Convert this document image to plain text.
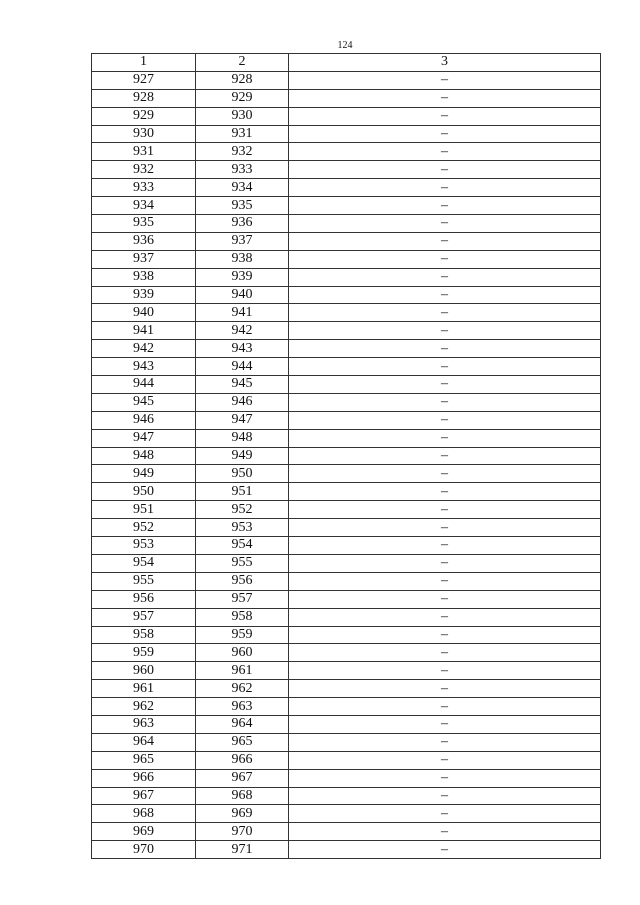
124
1	2	3
927	928	–
928	929	–
929	930	–
930	931	–
931	932	–
932	933	–
933	934	–
934	935	–
935	936	–
936	937	–
937	938	–
938	939	–
939	940	–
940	941	–
941	942	–
942	943	–
943	944	–
944	945	–
945	946	–
946	947	–
947	948	–
948	949	–
949	950	–
950	951	–
951	952	–
952	953	–
953	954	–
954	955	–
955	956	–
956	957	–
957	958	–
958	959	–
959	960	–
960	961	–
961	962	–
962	963	–
963	964	–
964	965	–
965	966	–
966	967	–
967	968	–
968	969	–
969	970	–
970	971	–
